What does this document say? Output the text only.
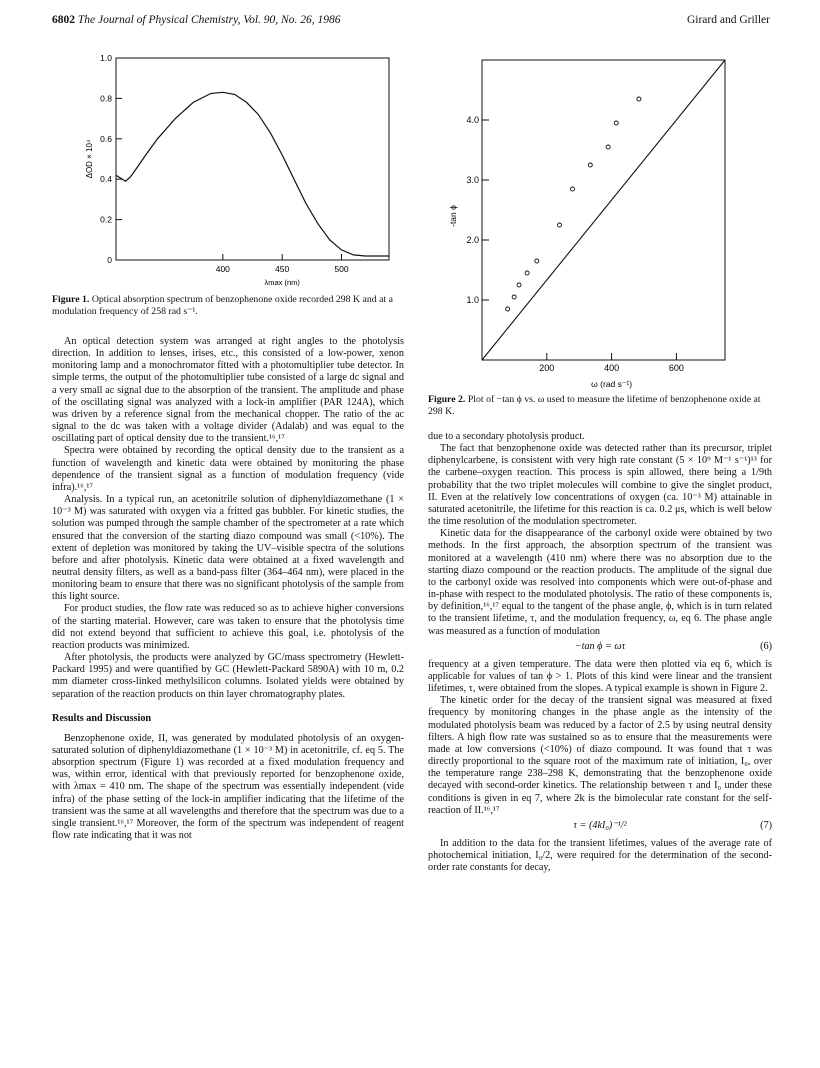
6802 The Journal of Physical Chemistry, Vol. 90, No. 26, 1986	Girard and Griller
0
0.2
0.4
0.6
0.8
1.0
400	450	500
λmax (nm)
ΔOD × 10⁴
Figure 1. Optical absorption spectrum of benzophenone oxide recorded 298 K and at a modulation frequency of 258 rad s⁻¹.
1.0
2.0
3.0
4.0
200	400	600
ω (rad s⁻¹)
-tan ϕ
Figure 2. Plot of −tan ϕ vs. ω used to measure the lifetime of benzophenone oxide at 298 K.

An optical detection system was arranged at right angles to the photolysis direction. In addition to lenses, irises, etc., this consisted of a low-power, xenon monitoring lamp and a monochromator fitted with a photomultiplier tube detector. In simple terms, the output of the photomultiplier tube consisted of a large dc signal and a very small ac signal due to the absorption of the transient. The amplitude and phase of the oscillating signal was analyzed with a lock-in amplifier (PAR 124A), which was driven by a reference signal from the mechanical chopper. The ratio of the ac signal to the dc was taken with a voltage divider (Adalab) and was equal to the oscillating part of optical density due to the transient.¹⁶,¹⁷

Spectra were obtained by recording the optical density due to the transient as a function of wavelength and kinetic data were obtained by monitoring the phase dependence of the transient signal as a function of modulation frequency (vide infra).¹⁶,¹⁷

Analysis. In a typical run, an acetonitrile solution of diphenyldiazomethane (1 × 10⁻³ M) was saturated with oxygen via a fritted gas bubbler. For kinetic studies, the solution was pumped through the sample chamber of the spectrometer at a rate which ensured that the conversion of the starting diazo compound was small (<10%). The extent of depletion was monitored by taking the UV–visible spectra of the solutions before and after photolysis. Kinetic data were obtained at a fixed wavelength and neutral density filters, as well as a band-pass filter (364–464 nm), were placed in the monitoring beam to ensure that there was no significant photolysis of the sample from this light source.

For product studies, the flow rate was reduced so as to achieve higher conversions of the starting material. However, care was taken to ensure that the photolysis time did not extend beyond that sufficient to achieve this goal, i.e. photolysis of the reaction products was minimized.

After photolysis, the products were analyzed by GC/mass spectrometry (Hewlett-Packard 1995) and were quantified by GC (Hewlett-Packard 5890A) with 10 m, 0.2 mm diameter cross-linked methylsilicon columns. Isolated yields were obtained by separation of the reaction products on thin layer chromatography plates.

Results and Discussion

Benzophenone oxide, II, was generated by modulated photolysis of an oxygen-saturated solution of diphenyldiazomethane (1 × 10⁻³ M) in acetonitrile, cf. eq 5. The absorption spectrum (Figure 1) was recorded at a fixed modulation frequency and was, within error, identical with that previously reported for benzophenone oxide, with λmax = 410 nm. The shape of the spectrum was essentially independent (vide infra) of the phase setting of the lock-in amplifier indicating that the lifetime of the transient was the same at all wavelengths and therefore that the spectrum was due to a single transient.¹⁶,¹⁷ Moreover, the form of the spectrum was independent of reagent flow rate indicating that it was not

due to a secondary photolysis product.

The fact that benzophenone oxide was detected rather than its precursor, triplet diphenylcarbene, is consistent with very high rate constant (5 × 10⁹ M⁻¹ s⁻¹)¹³ for the carbene–oxygen reaction. This process is spin allowed, there being a 1/9th probability that the two triplet molecules will combine to give the singlet product, II. Even at the relatively low concentrations of oxygen (ca. 10⁻³ M) attainable in saturated acetonitrile, the lifetime for this reaction is ca. 0.2 μs, which is well below the time resolution of the modulation spectrometer.

Kinetic data for the disappearance of the carbonyl oxide were obtained by two methods. In the first approach, the absorption spectrum of the transient was monitored at a wavelength (410 nm) where there was no absorption due to the starting diazo compound or the reaction products. The amplitude of the signal due to the carbonyl oxide was resolved into components which were out-of-phase and in-phase with respect to the modulated photolysis. The ratio of these components is, by definition,¹⁶,¹⁷ equal to the tangent of the phase angle, ϕ, which is in turn related to the transient lifetime, τ, and the modulation frequency, ω, eq 6. The phase angle was measured as a function of modulation

−tan ϕ = ωτ	(6)

frequency at a given temperature. The data were then plotted via eq 6, which is applicable for values of tan ϕ > 1. Plots of this kind were linear and the transient lifetimes, τ, were obtained from the slopes. A typical example is shown in Figure 2.

The kinetic order for the decay of the transient signal was measured at fixed frequency by monitoring changes in the phase angle as the intensity of the modulated photolysis beam was reduced by a factor of 2.5 by using neutral density filters. A high flow rate was sustained so as to ensure that the measurements were made at low conversions (<10%) of diazo compound. It was found that τ was directly proportional to the square root of the maximum rate of initiation, I₀, over the temperature range 238–298 K, demonstrating that the benzophenone oxide decayed with second-order kinetics. The relationship between τ and I₀ under these conditions is given in eq 7, where 2k is the bimolecular rate constant for the self-reaction of II.¹⁶,¹⁷

τ = (4kI₀)⁻¹/²	(7)

In addition to the data for the transient lifetimes, values of the average rate of photochemical initiation, I₀/2, were required for the determination of the second-order rate constants for decay,
